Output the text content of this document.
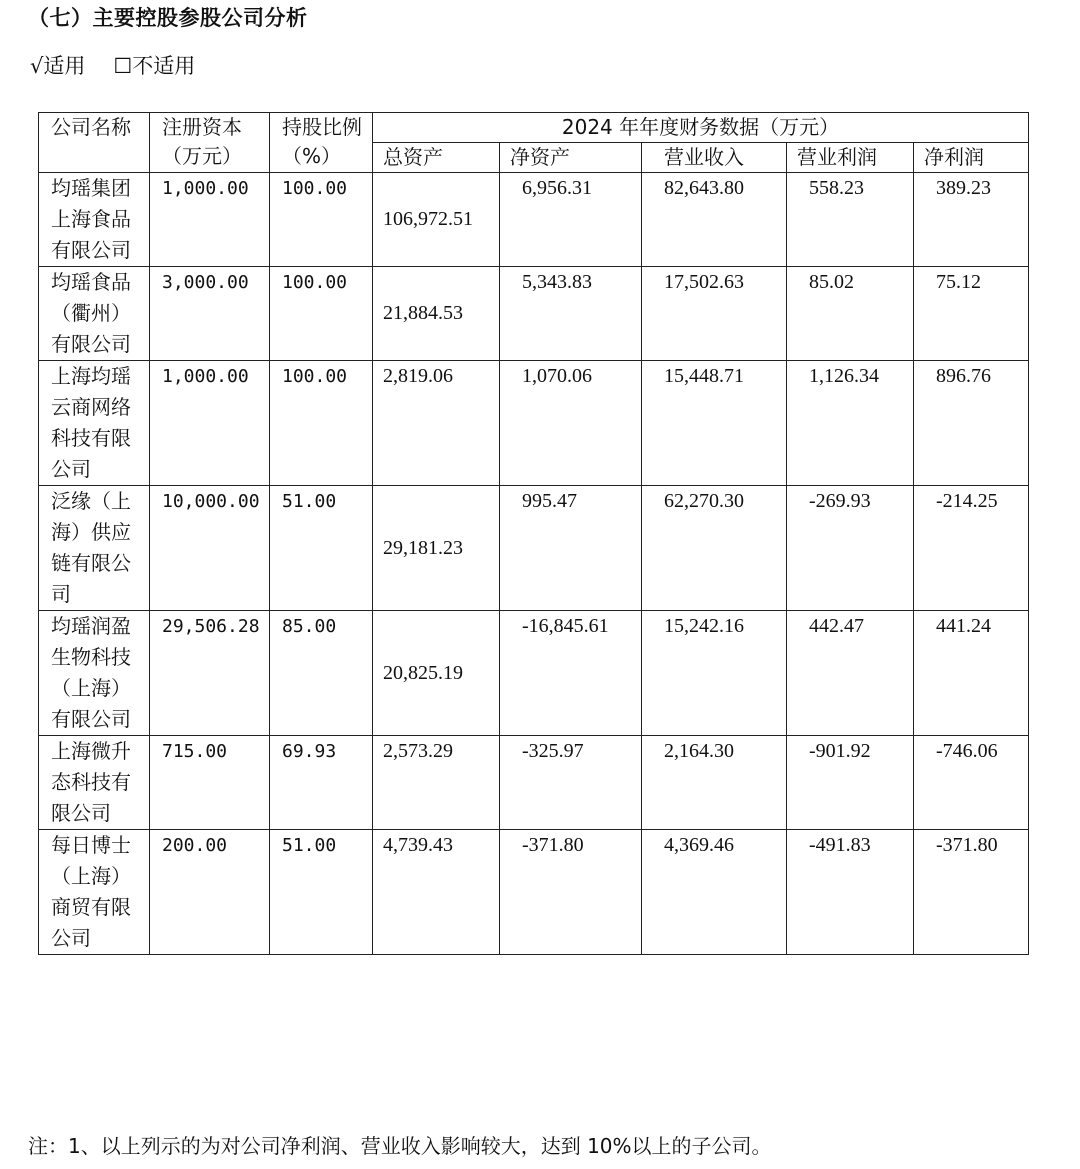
（七）主要控股参股公司分析
√适用 ☐不适用
公司名称	注册资本（万元）	持股比例（%）	2024 年年度财务数据（万元）				
			总资产	净资产	营业收入	营业利润	净利润
均瑶集团上海食品有限公司	1,000.00	100.00	106,972.51	6,956.31	82,643.80	558.23	389.23
均瑶食品（衢州）有限公司	3,000.00	100.00	21,884.53	5,343.83	17,502.63	85.02	75.12
上海均瑶云商网络科技有限公司	1,000.00	100.00	2,819.06	1,070.06	15,448.71	1,126.34	896.76
泛缘（上海）供应链有限公司	10,000.00	51.00	29,181.23	995.47	62,270.30	-269.93	-214.25
均瑶润盈生物科技（上海）有限公司	29,506.28	85.00	20,825.19	-16,845.61	15,242.16	442.47	441.24
上海微升态科技有限公司	715.00	69.93	2,573.29	-325.97	2,164.30	-901.92	-746.06
每日博士（上海）商贸有限公司	200.00	51.00	4,739.43	-371.80	4,369.46	-491.83	-371.80
注：1、以上列示的为对公司净利润、营业收入影响较大，达到 10%以上的子公司。
